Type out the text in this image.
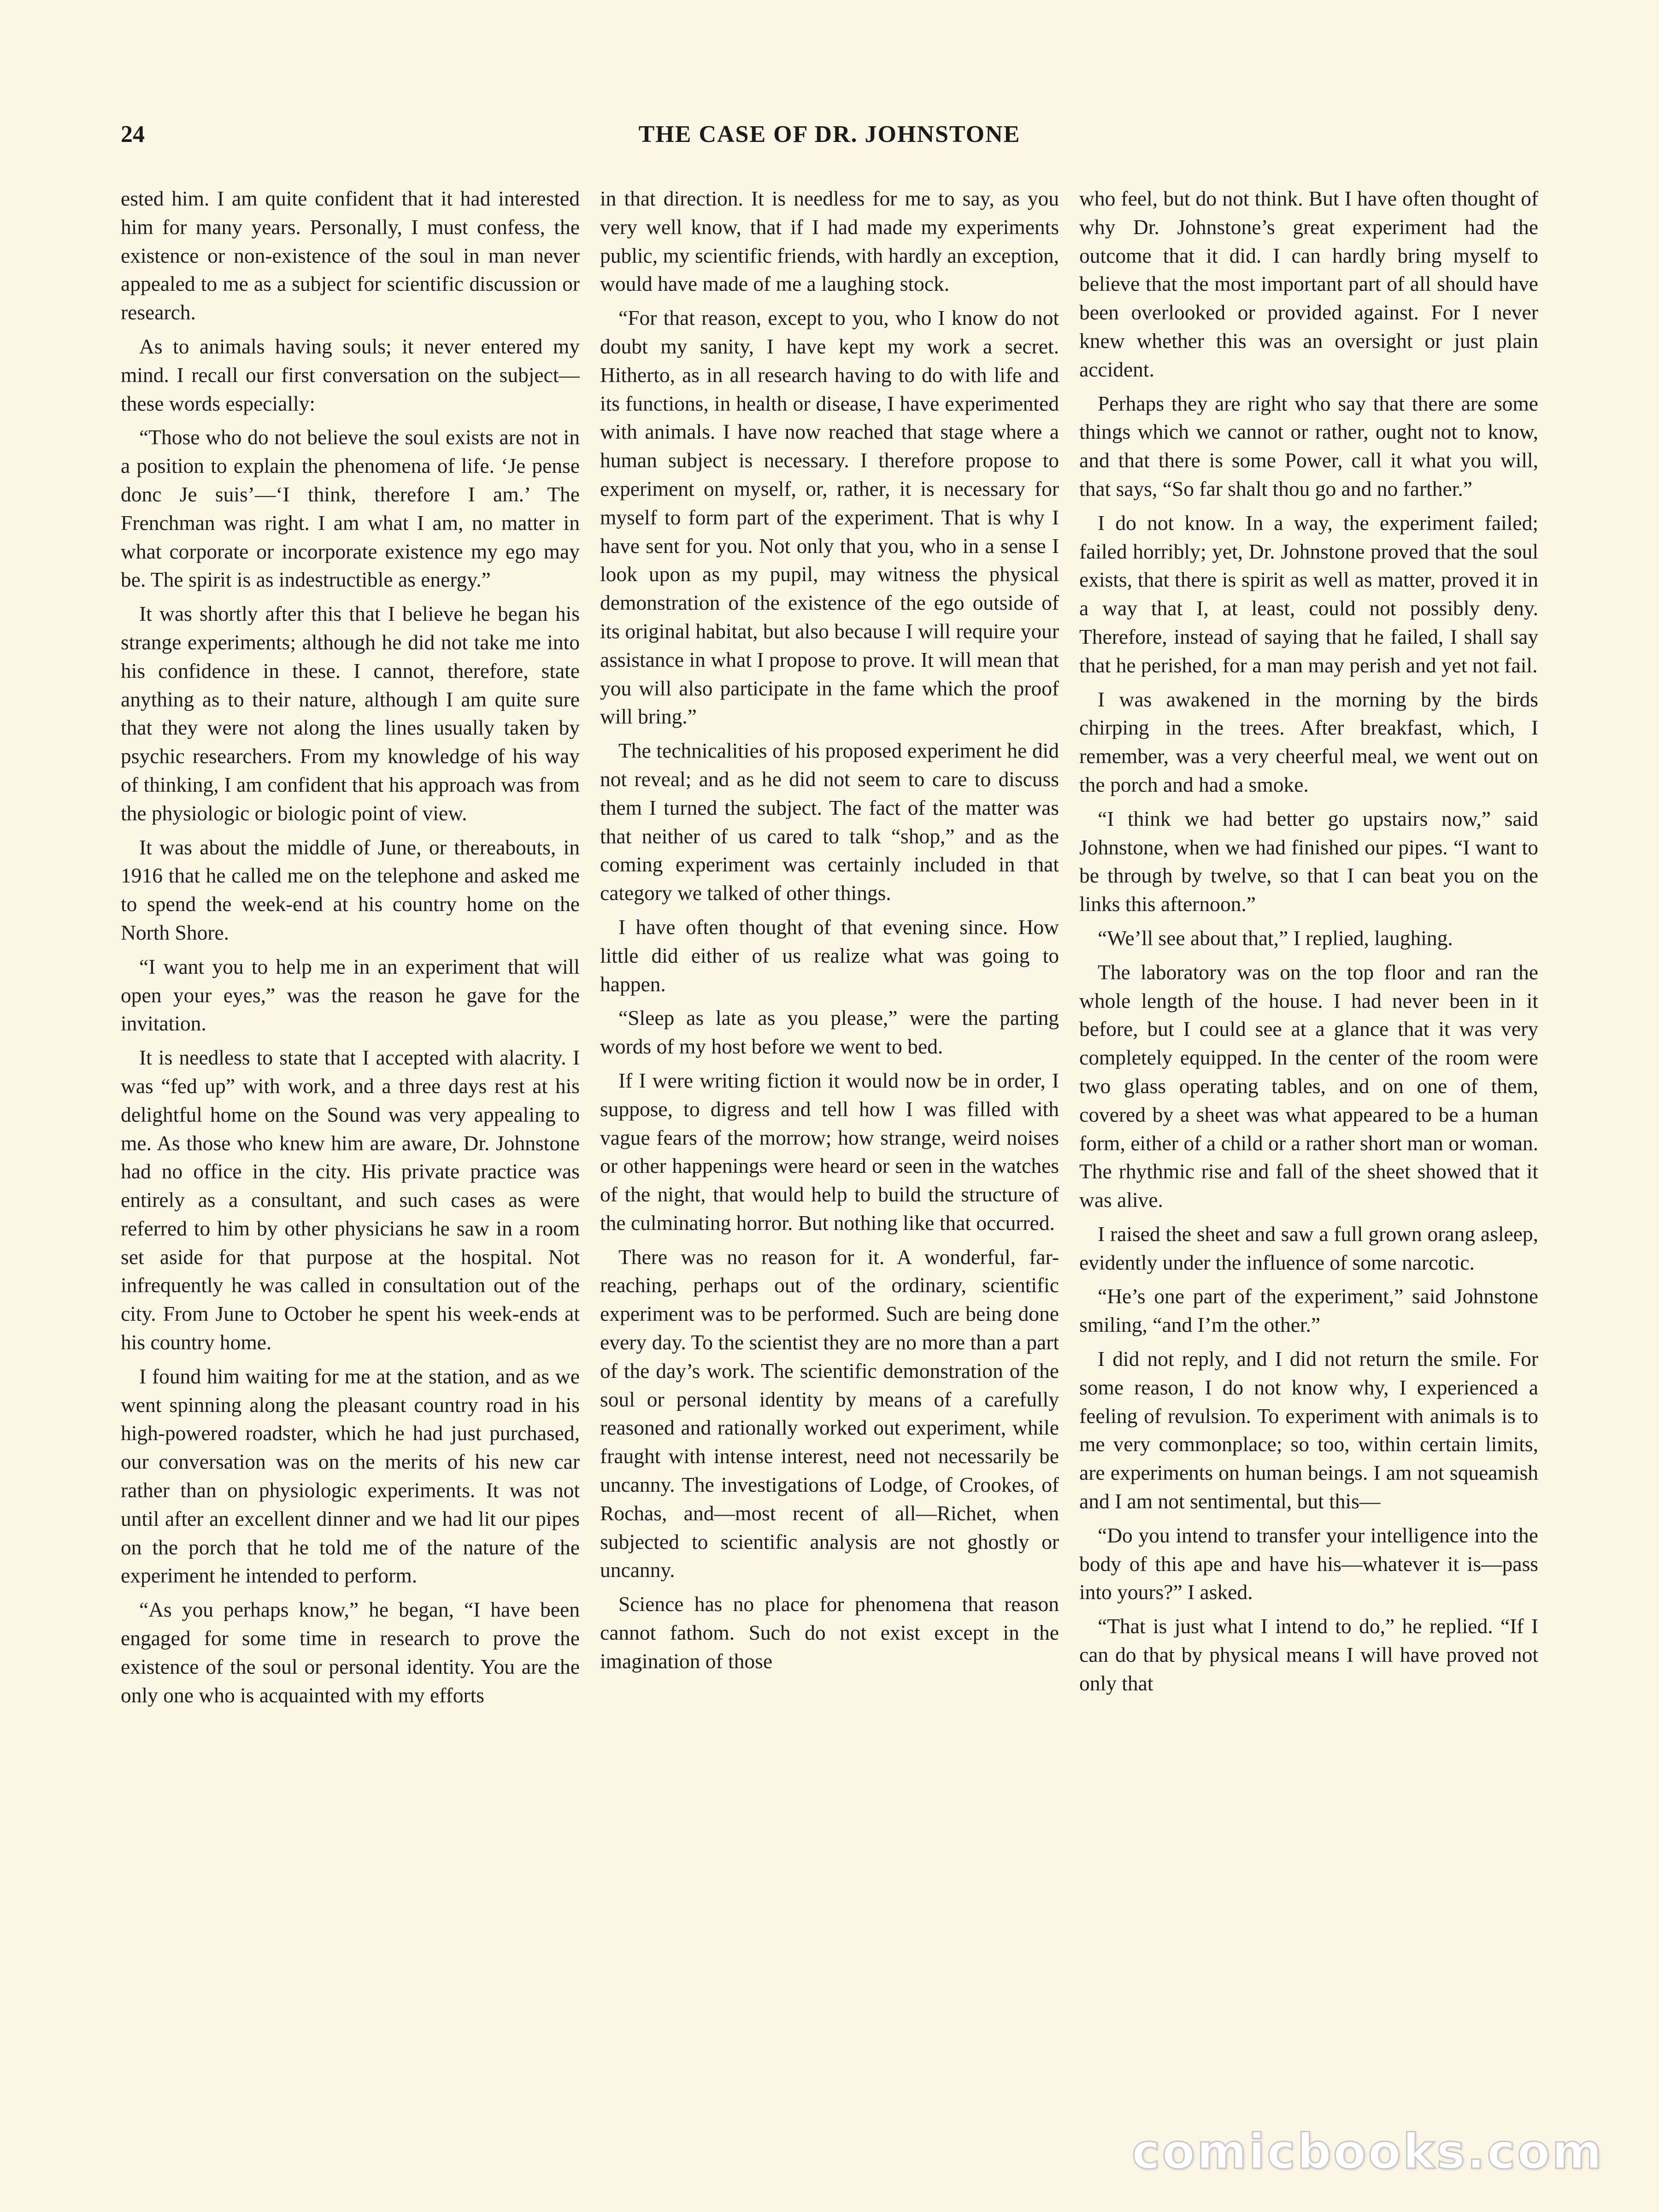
24	THE CASE OF DR. JOHNSTONE

ested him. I am quite confident that it had interested him for many years. Personally, I must confess, the existence or non-existence of the soul in man never appealed to me as a subject for scientific discussion or research.

As to animals having souls; it never entered my mind. I recall our first conversation on the subject—these words especially:

“Those who do not believe the soul exists are not in a position to explain the phenomena of life. ‘Je pense donc Je suis’—‘I think, therefore I am.’ The Frenchman was right. I am what I am, no matter in what corporate or incorporate existence my ego may be. The spirit is as indestructible as energy.”

It was shortly after this that I believe he began his strange experiments; although he did not take me into his confidence in these. I cannot, therefore, state anything as to their nature, although I am quite sure that they were not along the lines usually taken by psychic researchers. From my knowledge of his way of thinking, I am confident that his approach was from the physiologic or biologic point of view.

It was about the middle of June, or thereabouts, in 1916 that he called me on the telephone and asked me to spend the week-end at his country home on the North Shore.

“I want you to help me in an experiment that will open your eyes,” was the reason he gave for the invitation.

It is needless to state that I accepted with alacrity. I was “fed up” with work, and a three days rest at his delightful home on the Sound was very appealing to me. As those who knew him are aware, Dr. Johnstone had no office in the city. His private practice was entirely as a consultant, and such cases as were referred to him by other physicians he saw in a room set aside for that purpose at the hospital. Not infrequently he was called in consultation out of the city. From June to October he spent his week-ends at his country home.

I found him waiting for me at the station, and as we went spinning along the pleasant country road in his high-powered roadster, which he had just purchased, our conversation was on the merits of his new car rather than on physiologic experiments. It was not until after an excellent dinner and we had lit our pipes on the porch that he told me of the nature of the experiment he intended to perform.

“As you perhaps know,” he began, “I have been engaged for some time in research to prove the existence of the soul or personal identity. You are the only one who is acquainted with my efforts

in that direction. It is needless for me to say, as you very well know, that if I had made my experiments public, my scientific friends, with hardly an exception, would have made of me a laughing stock.

“For that reason, except to you, who I know do not doubt my sanity, I have kept my work a secret. Hitherto, as in all research having to do with life and its functions, in health or disease, I have experimented with animals. I have now reached that stage where a human subject is necessary. I therefore propose to experiment on myself, or, rather, it is necessary for myself to form part of the experiment. That is why I have sent for you. Not only that you, who in a sense I look upon as my pupil, may witness the physical demonstration of the existence of the ego outside of its original habitat, but also because I will require your assistance in what I propose to prove. It will mean that you will also participate in the fame which the proof will bring.”

The technicalities of his proposed experiment he did not reveal; and as he did not seem to care to discuss them I turned the subject. The fact of the matter was that neither of us cared to talk “shop,” and as the coming experiment was certainly included in that category we talked of other things.

I have often thought of that evening since. How little did either of us realize what was going to happen.

“Sleep as late as you please,” were the parting words of my host before we went to bed.

If I were writing fiction it would now be in order, I suppose, to digress and tell how I was filled with vague fears of the morrow; how strange, weird noises or other happenings were heard or seen in the watches of the night, that would help to build the structure of the culminating horror. But nothing like that occurred.

There was no reason for it. A wonderful, far-reaching, perhaps out of the ordinary, scientific experiment was to be performed. Such are being done every day. To the scientist they are no more than a part of the day’s work. The scientific demonstration of the soul or personal identity by means of a carefully reasoned and rationally worked out experiment, while fraught with intense interest, need not necessarily be uncanny. The investigations of Lodge, of Crookes, of Rochas, and—most recent of all—Richet, when subjected to scientific analysis are not ghostly or uncanny.

Science has no place for phenomena that reason cannot fathom. Such do not exist except in the imagination of those

who feel, but do not think. But I have often thought of why Dr. Johnstone’s great experiment had the outcome that it did. I can hardly bring myself to believe that the most important part of all should have been overlooked or provided against. For I never knew whether this was an oversight or just plain accident.

Perhaps they are right who say that there are some things which we cannot or rather, ought not to know, and that there is some Power, call it what you will, that says, “So far shalt thou go and no farther.”

I do not know. In a way, the experiment failed; failed horribly; yet, Dr. Johnstone proved that the soul exists, that there is spirit as well as matter, proved it in a way that I, at least, could not possibly deny. Therefore, instead of saying that he failed, I shall say that he perished, for a man may perish and yet not fail.

I was awakened in the morning by the birds chirping in the trees. After breakfast, which, I remember, was a very cheerful meal, we went out on the porch and had a smoke.

“I think we had better go upstairs now,” said Johnstone, when we had finished our pipes. “I want to be through by twelve, so that I can beat you on the links this afternoon.”

“We’ll see about that,” I replied, laughing.

The laboratory was on the top floor and ran the whole length of the house. I had never been in it before, but I could see at a glance that it was very completely equipped. In the center of the room were two glass operating tables, and on one of them, covered by a sheet was what appeared to be a human form, either of a child or a rather short man or woman. The rhythmic rise and fall of the sheet showed that it was alive.

I raised the sheet and saw a full grown orang asleep, evidently under the influence of some narcotic.

“He’s one part of the experiment,” said Johnstone smiling, “and I’m the other.”

I did not reply, and I did not return the smile. For some reason, I do not know why, I experienced a feeling of revulsion. To experiment with animals is to me very commonplace; so too, within certain limits, are experiments on human beings. I am not squeamish and I am not sentimental, but this—

“Do you intend to transfer your intelligence into the body of this ape and have his—whatever it is—pass into yours?” I asked.

“That is just what I intend to do,” he replied. “If I can do that by physical means I will have proved not only that

comicbooks.com
